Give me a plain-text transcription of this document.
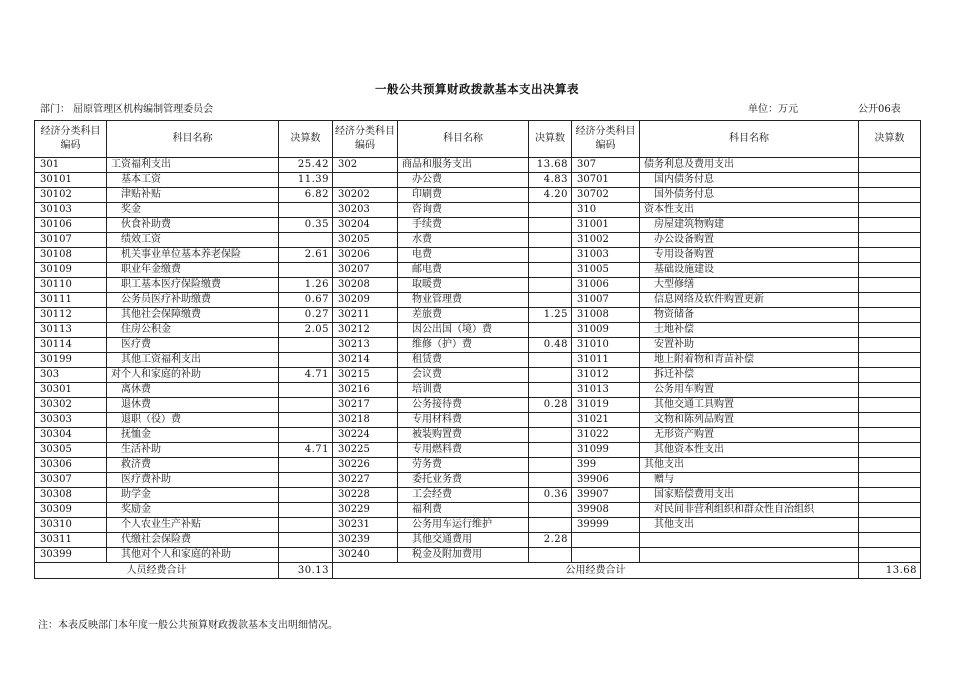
一般公共预算财政拨款基本支出决算表
部门： 屈原管理区机构编制管理委员会	单位：万元	公开06表
经济分类科目编码	科目名称	决算数	经济分类科目编码	科目名称	决算数	经济分类科目编码	科目名称	决算数
301	工资福利支出	25.42	302	商品和服务支出	13.68	307	债务利息及费用支出	
30101	基本工资	11.39		办公费	4.83	30701	国内债务付息	
30102	津贴补贴	6.82	30202	印刷费	4.20	30702	国外债务付息	
30103	奖金		30203	咨询费		310	资本性支出	
30106	伙食补助费	0.35	30204	手续费		31001	房屋建筑物购建	
30107	绩效工资		30205	水费		31002	办公设备购置	
30108	机关事业单位基本养老保险	2.61	30206	电费		31003	专用设备购置	
30109	职业年金缴费		30207	邮电费		31005	基础设施建设	
30110	职工基本医疗保险缴费	1.26	30208	取暖费		31006	大型修缮	
30111	公务员医疗补助缴费	0.67	30209	物业管理费		31007	信息网络及软件购置更新	
30112	其他社会保障缴费	0.27	30211	差旅费	1.25	31008	物资储备	
30113	住房公积金	2.05	30212	因公出国（境）费		31009	土地补偿	
30114	医疗费		30213	维修（护）费	0.48	31010	安置补助	
30199	其他工资福利支出		30214	租赁费		31011	地上附着物和青苗补偿	
303	对个人和家庭的补助	4.71	30215	会议费		31012	拆迁补偿	
30301	离休费		30216	培训费		31013	公务用车购置	
30302	退休费		30217	公务接待费	0.28	31019	其他交通工具购置	
30303	退职（役）费		30218	专用材料费		31021	文物和陈列品购置	
30304	抚恤金		30224	被装购置费		31022	无形资产购置	
30305	生活补助	4.71	30225	专用燃料费		31099	其他资本性支出	
30306	救济费		30226	劳务费		399	其他支出	
30307	医疗费补助		30227	委托业务费		39906	赠与	
30308	助学金		30228	工会经费	0.36	39907	国家赔偿费用支出	
30309	奖励金		30229	福利费		39908	对民间非营利组织和群众性自治组织	
30310	个人农业生产补贴		30231	公务用车运行维护		39999	其他支出	
30311	代缴社会保险费		30239	其他交通费用	2.28			
30399	其他对个人和家庭的补助		30240	税金及附加费用				
人员经费合计		30.13	公用经费合计					13.68
注：本表反映部门本年度一般公共预算财政拨款基本支出明细情况。
